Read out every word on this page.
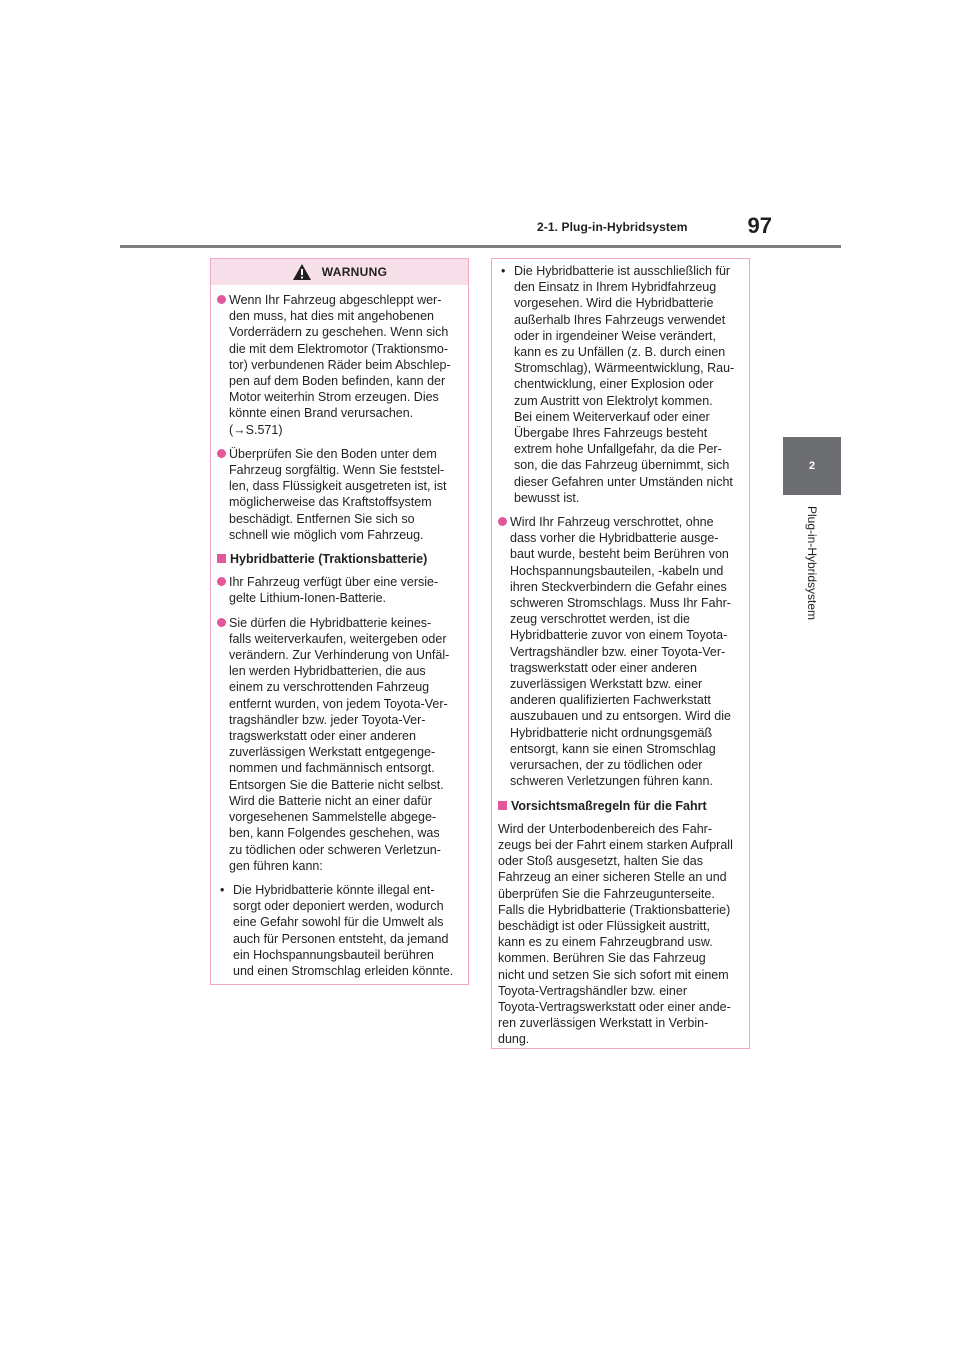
2-1. Plug-in-Hybridsystem	97
2
Plug-in-Hybridsystem
WARNUNG
Wenn Ihr Fahrzeug abgeschleppt wer-
den muss, hat dies mit angehobenen
Vorderrädern zu geschehen. Wenn sich
die mit dem Elektromotor (Traktionsmo-
tor) verbundenen Räder beim Abschlep-
pen auf dem Boden befinden, kann der
Motor weiterhin Strom erzeugen. Dies
könnte einen Brand verursachen.
(→S.571)
Überprüfen Sie den Boden unter dem
Fahrzeug sorgfältig. Wenn Sie feststel-
len, dass Flüssigkeit ausgetreten ist, ist
möglicherweise das Kraftstoffsystem
beschädigt. Entfernen Sie sich so
schnell wie möglich vom Fahrzeug.
Hybridbatterie (Traktionsbatterie)
Ihr Fahrzeug verfügt über eine versie-
gelte Lithium-Ionen-Batterie.
Sie dürfen die Hybridbatterie keines-
falls weiterverkaufen, weitergeben oder
verändern. Zur Verhinderung von Unfäl-
len werden Hybridbatterien, die aus
einem zu verschrottenden Fahrzeug
entfernt wurden, von jedem Toyota-Ver-
tragshändler bzw. jeder Toyota-Ver-
tragswerkstatt oder einer anderen
zuverlässigen Werkstatt entgegenge-
nommen und fachmännisch entsorgt.
Entsorgen Sie die Batterie nicht selbst.
Wird die Batterie nicht an einer dafür
vorgesehenen Sammelstelle abgege-
ben, kann Folgendes geschehen, was
zu tödlichen oder schweren Verletzun-
gen führen kann:
• Die Hybridbatterie könnte illegal ent-
sorgt oder deponiert werden, wodurch
eine Gefahr sowohl für die Umwelt als
auch für Personen entsteht, da jemand
ein Hochspannungsbauteil berühren
und einen Stromschlag erleiden könnte.
• Die Hybridbatterie ist ausschließlich für
den Einsatz in Ihrem Hybridfahrzeug
vorgesehen. Wird die Hybridbatterie
außerhalb Ihres Fahrzeugs verwendet
oder in irgendeiner Weise verändert,
kann es zu Unfällen (z. B. durch einen
Stromschlag), Wärmeentwicklung, Rau-
chentwicklung, einer Explosion oder
zum Austritt von Elektrolyt kommen.
Bei einem Weiterverkauf oder einer
Übergabe Ihres Fahrzeugs besteht
extrem hohe Unfallgefahr, da die Per-
son, die das Fahrzeug übernimmt, sich
dieser Gefahren unter Umständen nicht
bewusst ist.
Wird Ihr Fahrzeug verschrottet, ohne
dass vorher die Hybridbatterie ausge-
baut wurde, besteht beim Berühren von
Hochspannungsbauteilen, -kabeln und
ihren Steckverbindern die Gefahr eines
schweren Stromschlags. Muss Ihr Fahr-
zeug verschrottet werden, ist die
Hybridbatterie zuvor von einem Toyota-
Vertragshändler bzw. einer Toyota-Ver-
tragswerkstatt oder einer anderen
zuverlässigen Werkstatt bzw. einer
anderen qualifizierten Fachwerkstatt
auszubauen und zu entsorgen. Wird die
Hybridbatterie nicht ordnungsgemäß
entsorgt, kann sie einen Stromschlag
verursachen, der zu tödlichen oder
schweren Verletzungen führen kann.
Vorsichtsmaßregeln für die Fahrt
Wird der Unterbodenbereich des Fahr-
zeugs bei der Fahrt einem starken Aufprall
oder Stoß ausgesetzt, halten Sie das
Fahrzeug an einer sicheren Stelle an und
überprüfen Sie die Fahrzeugunterseite.
Falls die Hybridbatterie (Traktionsbatterie)
beschädigt ist oder Flüssigkeit austritt,
kann es zu einem Fahrzeugbrand usw.
kommen. Berühren Sie das Fahrzeug
nicht und setzen Sie sich sofort mit einem
Toyota-Vertragshändler bzw. einer
Toyota-Vertragswerkstatt oder einer ande-
ren zuverlässigen Werkstatt in Verbin-
dung.
